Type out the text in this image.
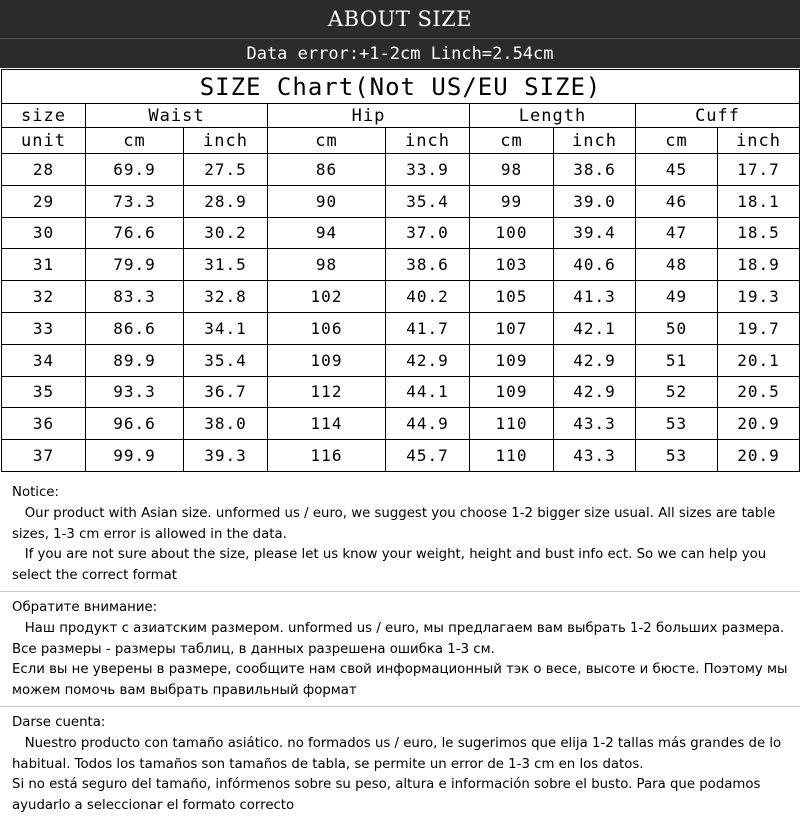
ABOUT SIZE
Data error:+1-2cm Linch=2.54cm
SIZE Chart(Not US/EU SIZE)								
size	Waist		Hip		Length		Cuff	
unit	cm	inch	cm	inch	cm	inch	cm	inch
28	69.9	27.5	86	33.9	98	38.6	45	17.7
29	73.3	28.9	90	35.4	99	39.0	46	18.1
30	76.6	30.2	94	37.0	100	39.4	47	18.5
31	79.9	31.5	98	38.6	103	40.6	48	18.9
32	83.3	32.8	102	40.2	105	41.3	49	19.3
33	86.6	34.1	106	41.7	107	42.1	50	19.7
34	89.9	35.4	109	42.9	109	42.9	51	20.1
35	93.3	36.7	112	44.1	109	42.9	52	20.5
36	96.6	38.0	114	44.9	110	43.3	53	20.9
37	99.9	39.3	116	45.7	110	43.3	53	20.9
Notice:
Our product with Asian size. unformed us / euro, we suggest you choose 1-2 bigger size usual. All sizes are table sizes, 1-3 cm error is allowed in the data.
If you are not sure about the size, please let us know your weight, height and bust info ect. So we can help you select the correct format
Обратите внимание:
Наш продукт с азиатским размером. unformed us / euro, мы предлагаем вам выбрать 1-2 больших размера. Все размеры - размеры таблиц, в данных разрешена ошибка 1-3 см.
Если вы не уверены в размере, сообщите нам свой информационный тэк о весе, высоте и бюсте. Поэтому мы можем помочь вам выбрать правильный формат
Darse cuenta:
Nuestro producto con tamaño asiático. no formados us / euro, le sugerimos que elija 1-2 tallas más grandes de lo habitual. Todos los tamaños son tamaños de tabla, se permite un error de 1-3 cm en los datos.
Si no está seguro del tamaño, infórmenos sobre su peso, altura e información sobre el busto. Para que podamos ayudarlo a seleccionar el formato correcto
